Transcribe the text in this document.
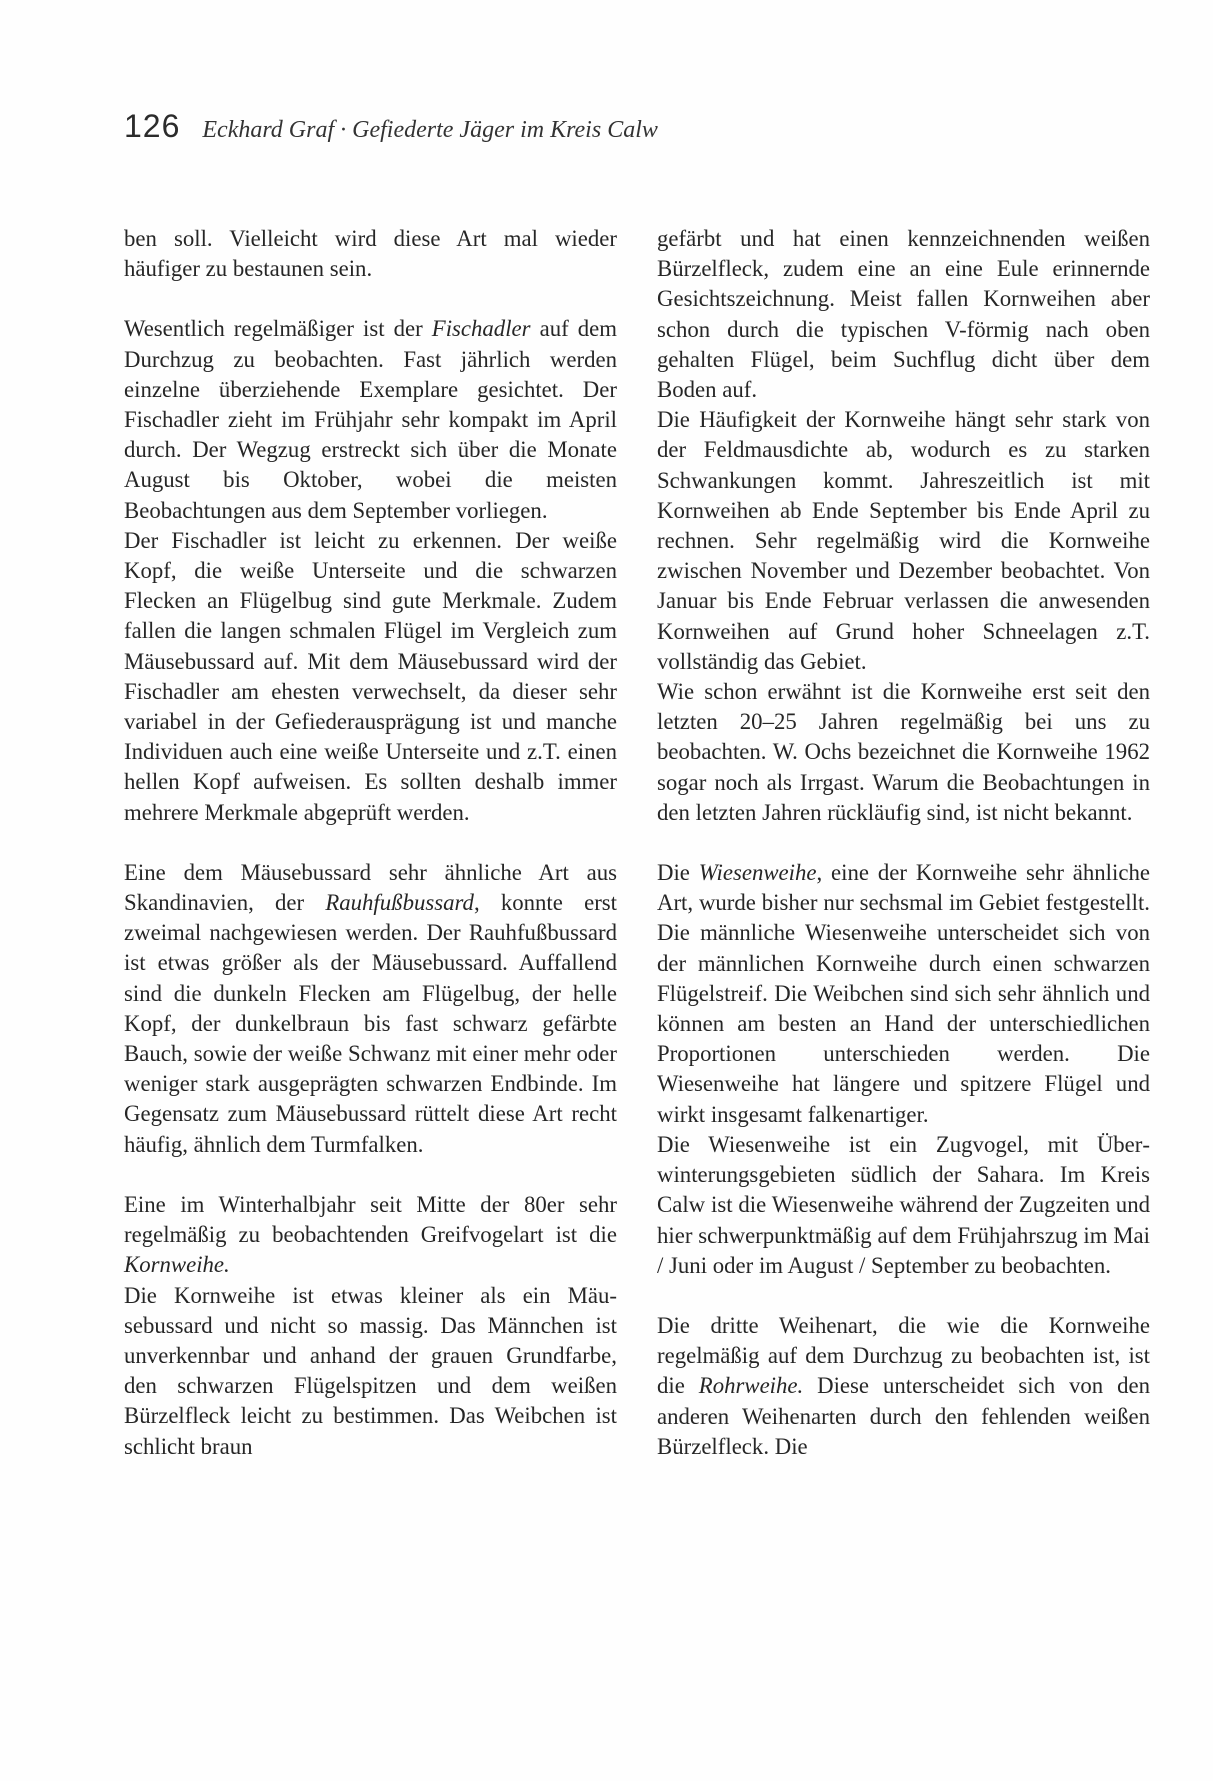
126 Eckhard Graf · Gefiederte Jäger im Kreis Calw

ben soll. Vielleicht wird diese Art mal wieder häufiger zu bestaunen sein.

Wesentlich regelmäßiger ist der Fischadler auf dem Durchzug zu beobachten. Fast jährlich werden einzelne überziehende Exemplare gesichtet. Der Fischadler zieht im Frühjahr sehr kompakt im April durch. Der Wegzug erstreckt sich über die Monate August bis Oktober, wobei die meisten Beobachtungen aus dem September vorliegen.

Der Fischadler ist leicht zu erkennen. Der weiße Kopf, die weiße Unterseite und die schwarzen Flecken an Flügelbug sind gute Merkmale. Zudem fallen die langen schmalen Flügel im Vergleich zum Mäusebussard auf. Mit dem Mäusebussard wird der Fischadler am ehesten verwechselt, da dieser sehr variabel in der Gefiederausprägung ist und manche Individuen auch eine weiße Unterseite und z.T. einen hellen Kopf aufweisen. Es sollten deshalb immer mehrere Merkmale abgeprüft werden.

Eine dem Mäusebussard sehr ähnliche Art aus Skandinavien, der Rauhfußbussard, konnte erst zweimal nachgewiesen werden. Der Rauhfußbussard ist etwas größer als der Mäusebussard. Auffallend sind die dunkeln Flecken am Flügelbug, der helle Kopf, der dunkelbraun bis fast schwarz gefärbte Bauch, sowie der weiße Schwanz mit einer mehr oder weniger stark ausgeprägten schwarzen Endbinde. Im Gegensatz zum Mäusebussard rüttelt diese Art recht häufig, ähnlich dem Turmfalken.

Eine im Winterhalbjahr seit Mitte der 80er sehr regelmäßig zu beobachtenden Greifvogelart ist die Kornweihe.

Die Kornweihe ist etwas kleiner als ein Mäusebussard und nicht so massig. Das Männchen ist unverkennbar und anhand der grauen Grundfarbe, den schwarzen Flügelspitzen und dem weißen Bürzelfleck leicht zu bestimmen. Das Weibchen ist schlicht braun

gefärbt und hat einen kennzeichnenden weißen Bürzelfleck, zudem eine an eine Eule erinnernde Gesichtszeichnung. Meist fallen Kornweihen aber schon durch die typischen V-förmig nach oben gehalten Flügel, beim Suchflug dicht über dem Boden auf.

Die Häufigkeit der Kornweihe hängt sehr stark von der Feldmausdichte ab, wodurch es zu starken Schwankungen kommt. Jahreszeitlich ist mit Kornweihen ab Ende September bis Ende April zu rechnen. Sehr regelmäßig wird die Kornweihe zwischen November und Dezember beobachtet. Von Januar bis Ende Februar verlassen die anwesenden Kornweihen auf Grund hoher Schneelagen z.T. vollständig das Gebiet.

Wie schon erwähnt ist die Kornweihe erst seit den letzten 20–25 Jahren regelmäßig bei uns zu beobachten. W. Ochs bezeichnet die Kornweihe 1962 sogar noch als Irrgast. Warum die Beobachtungen in den letzten Jahren rückläufig sind, ist nicht bekannt.

Die Wiesenweihe, eine der Kornweihe sehr ähnliche Art, wurde bisher nur sechsmal im Gebiet festgestellt. Die männliche Wiesenweihe unterscheidet sich von der männlichen Kornweihe durch einen schwarzen Flügelstreif. Die Weibchen sind sich sehr ähnlich und können am besten an Hand der unterschiedlichen Proportionen unterschieden werden. Die Wiesenweihe hat längere und spitzere Flügel und wirkt insgesamt falkenartiger.

Die Wiesenweihe ist ein Zugvogel, mit Überwinterungsgebieten südlich der Sahara. Im Kreis Calw ist die Wiesenweihe während der Zugzeiten und hier schwerpunktmäßig auf dem Frühjahrszug im Mai / Juni oder im August / September zu beobachten.

Die dritte Weihenart, die wie die Kornweihe regelmäßig auf dem Durchzug zu beobachten ist, ist die Rohrweihe. Diese unterscheidet sich von den anderen Weihenarten durch den fehlenden weißen Bürzelfleck. Die
